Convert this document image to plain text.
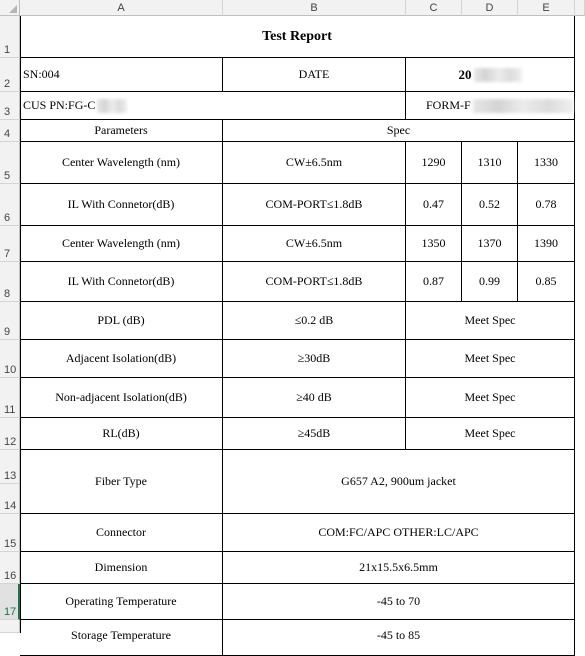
A	B	C	D	E
1
2
3
4
5
6
7
8
9
10
11
12
13
14
15
16
17
Test Report
SN:004	DATE	20
CUS PN:FG-C	FORM-F
Parameters	Spec
Center Wavelength (nm)	CW±6.5nm	1290	1310	1330
IL With Connetor(dB)	COM-PORT≤1.8dB	0.47	0.52	0.78
Center Wavelength (nm)	CW±6.5nm	1350	1370	1390
IL With Connetor(dB)	COM-PORT≤1.8dB	0.87	0.99	0.85
PDL (dB)	≤0.2 dB	Meet Spec
Adjacent Isolation(dB)	≥30dB	Meet Spec
Non-adjacent Isolation(dB)	≥40 dB	Meet Spec
RL(dB)	≥45dB	Meet Spec
Fiber Type	G657 A2, 900um jacket
Connector	COM:FC/APC OTHER:LC/APC
Dimension	21x15.5x6.5mm
Operating Temperature	-45 to 70
Storage Temperature	-45 to 85
